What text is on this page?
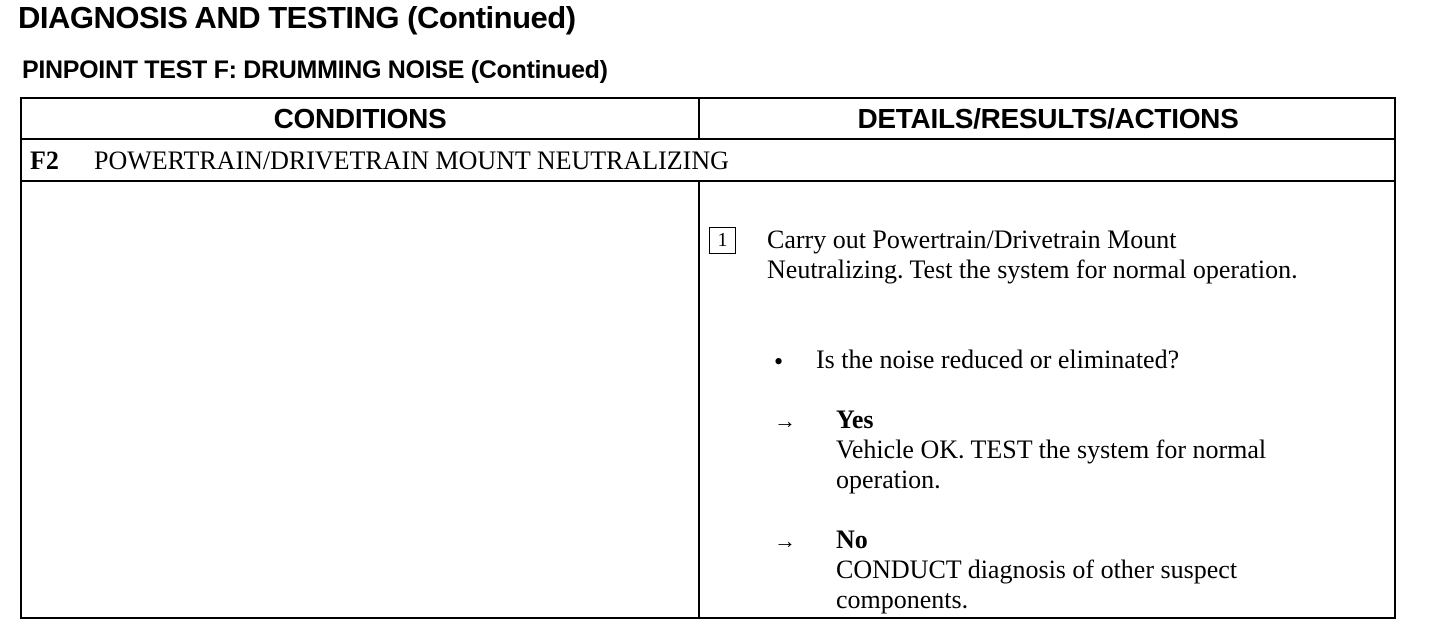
DIAGNOSIS AND TESTING (Continued)
PINPOINT TEST F: DRUMMING NOISE (Continued)
CONDITIONS	DETAILS/RESULTS/ACTIONS
F2 POWERTRAIN/DRIVETRAIN MOUNT NEUTRALIZING
1	Carry out Powertrain/Drivetrain Mount Neutralizing. Test the system for normal operation.
• Is the noise reduced or eliminated?
→ Yes
Vehicle OK. TEST the system for normal operation.
→ No
CONDUCT diagnosis of other suspect components.
